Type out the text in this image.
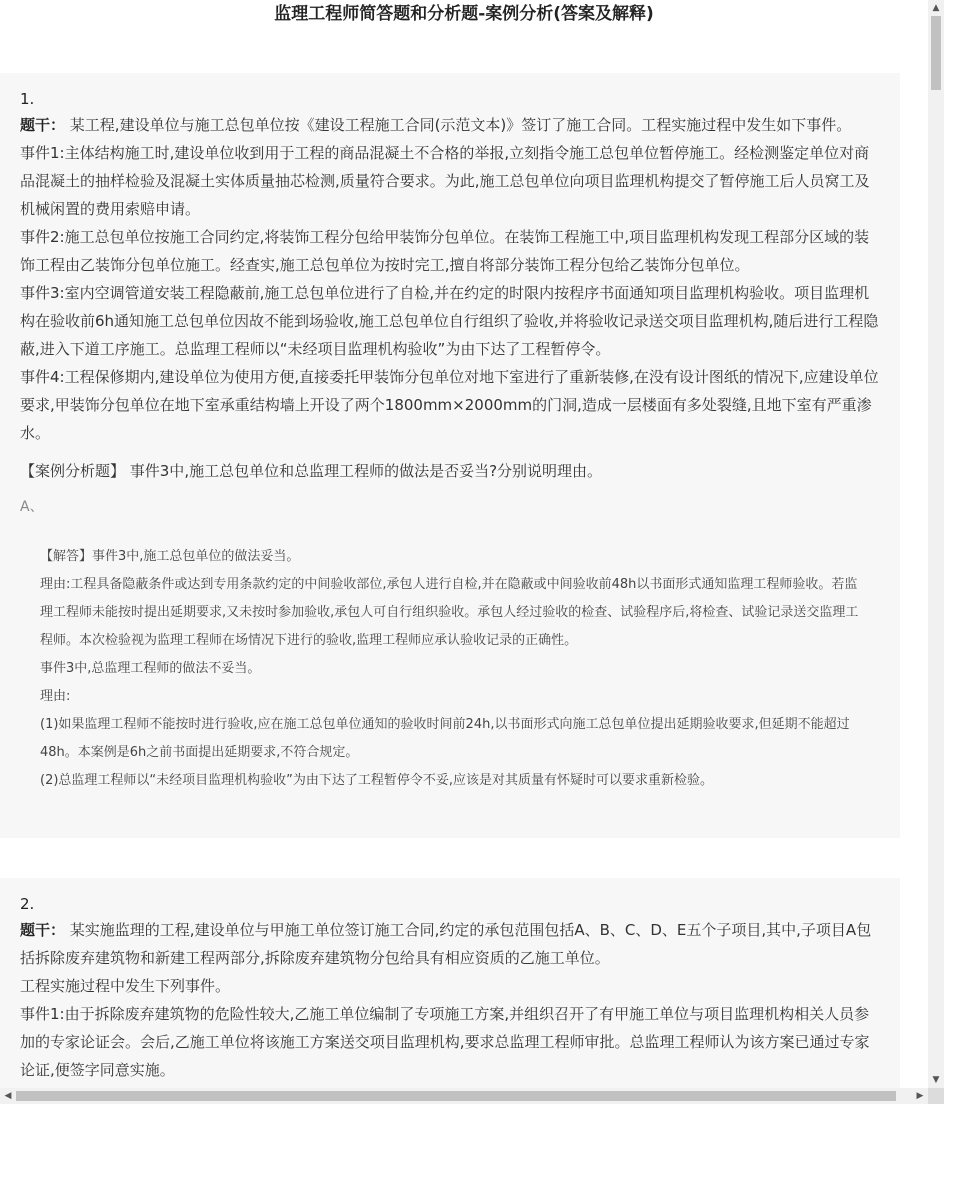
监理工程师简答题和分析题-案例分析(答案及解释)
1.
题干： 某工程,建设单位与施工总包单位按《建设工程施工合同(示范文本)》签订了施工合同。工程实施过程中发生如下事件。
事件1:主体结构施工时,建设单位收到用于工程的商品混凝土不合格的举报,立刻指令施工总包单位暂停施工。经检测鉴定单位对商品混凝土的抽样检验及混凝土实体质量抽芯检测,质量符合要求。为此,施工总包单位向项目监理机构提交了暂停施工后人员窝工及机械闲置的费用索赔申请。
事件2:施工总包单位按施工合同约定,将装饰工程分包给甲装饰分包单位。在装饰工程施工中,项目监理机构发现工程部分区域的装饰工程由乙装饰分包单位施工。经查实,施工总包单位为按时完工,擅自将部分装饰工程分包给乙装饰分包单位。
事件3:室内空调管道安装工程隐蔽前,施工总包单位进行了自检,并在约定的时限内按程序书面通知项目监理机构验收。项目监理机构在验收前6h通知施工总包单位因故不能到场验收,施工总包单位自行组织了验收,并将验收记录送交项目监理机构,随后进行工程隐蔽,进入下道工序施工。总监理工程师以“未经项目监理机构验收”为由下达了工程暂停令。
事件4:工程保修期内,建设单位为使用方便,直接委托甲装饰分包单位对地下室进行了重新装修,在没有设计图纸的情况下,应建设单位要求,甲装饰分包单位在地下室承重结构墙上开设了两个1800mm×2000mm的门洞,造成一层楼面有多处裂缝,且地下室有严重渗水。
【案例分析题】 事件3中,施工总包单位和总监理工程师的做法是否妥当?分别说明理由。
A、

【解答】事件3中,施工总包单位的做法妥当。

理由:工程具备隐蔽条件或达到专用条款约定的中间验收部位,承包人进行自检,并在隐蔽或中间验收前48h以书面形式通知监理工程师验收。若监理工程师未能按时提出延期要求,又未按时参加验收,承包人可自行组织验收。承包人经过验收的检查、试验程序后,将检查、试验记录送交监理工程师。本次检验视为监理工程师在场情况下进行的验收,监理工程师应承认验收记录的正确性。

事件3中,总监理工程师的做法不妥当。

理由:

(1)如果监理工程师不能按时进行验收,应在施工总包单位通知的验收时间前24h,以书面形式向施工总包单位提出延期验收要求,但延期不能超过48h。本案例是6h之前书面提出延期要求,不符合规定。

(2)总监理工程师以“未经项目监理机构验收”为由下达了工程暂停令不妥,应该是对其质量有怀疑时可以要求重新检验。

2.
题干： 某实施监理的工程,建设单位与甲施工单位签订施工合同,约定的承包范围包括A、B、C、D、E五个子项目,其中,子项目A包括拆除废弃建筑物和新建工程两部分,拆除废弃建筑物分包给具有相应资质的乙施工单位。
工程实施过程中发生下列事件。
事件1:由于拆除废弃建筑物的危险性较大,乙施工单位编制了专项施工方案,并组织召开了有甲施工单位与项目监理机构相关人员参加的专家论证会。会后,乙施工单位将该施工方案送交项目监理机构,要求总监理工程师审批。总监理工程师认为该方案已通过专家论证,便签字同意实施。
▲
▼
◀	▶
